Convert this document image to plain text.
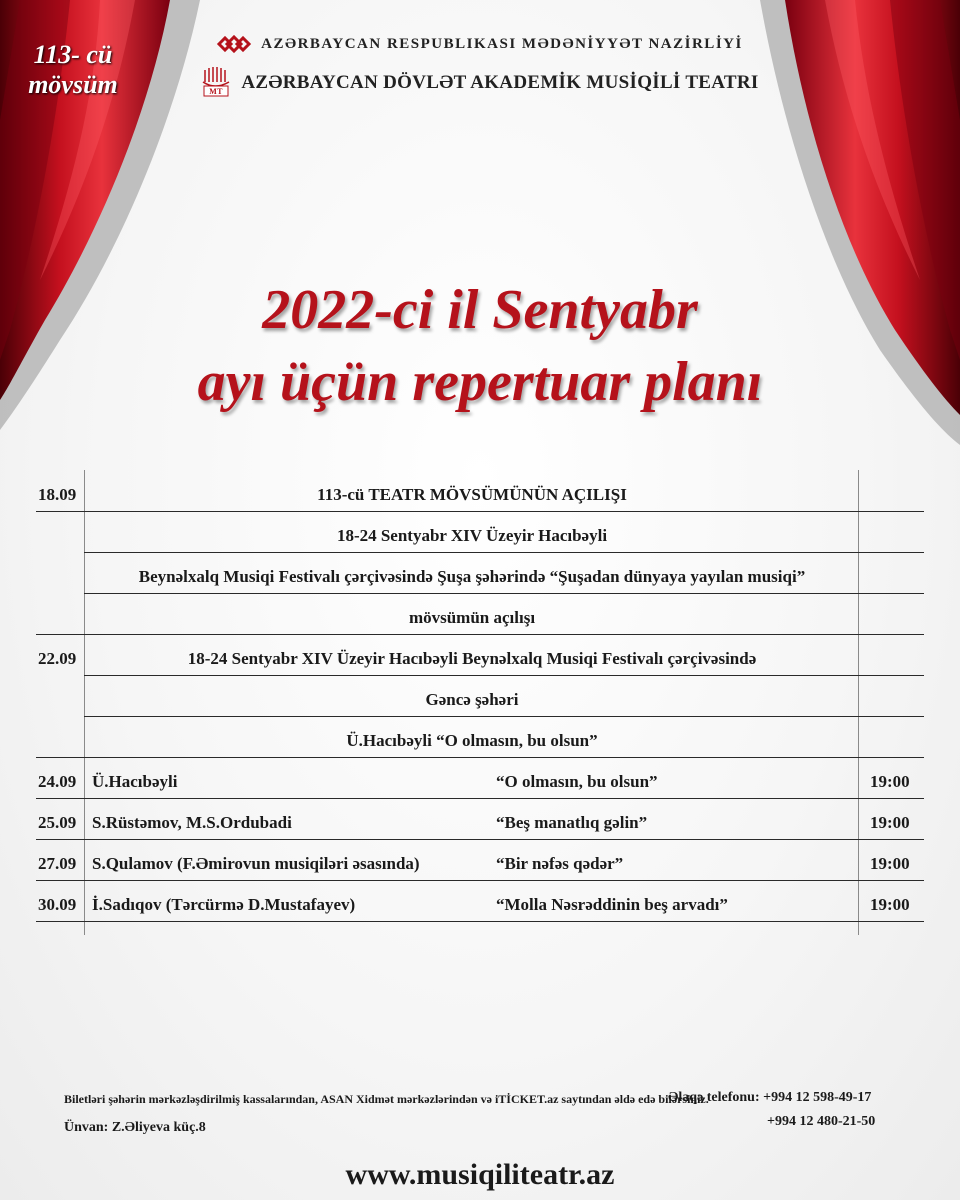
113- cü
mövsüm
AZƏRBAYCAN RESPUBLIKASI MƏDƏNİYYƏT NAZİRLİYİ
MT AZƏRBAYCAN DÖVLƏT AKADEMİK MUSİQİLİ TEATRI
2022-ci il Sentyabr
ayı üçün repertuar planı
18.09	113-cü TEATR MÖVSÜMÜNÜN AÇILIŞI
18-24 Sentyabr XIV Üzeyir Hacıbəyli
Beynəlxalq Musiqi Festivalı çərçivəsində Şuşa şəhərində “Şuşadan dünyaya yayılan musiqi”
mövsümün açılışı
22.09	18-24 Sentyabr XIV Üzeyir Hacıbəyli Beynəlxalq Musiqi Festivalı çərçivəsində
Gəncə şəhəri
Ü.Hacıbəyli “O olmasın, bu olsun”
24.09 Ü.Hacıbəyli	“O olmasın, bu olsun”	19:00
25.09 S.Rüstəmov, M.S.Ordubadi	“Beş manatlıq gəlin”	19:00
27.09 S.Qulamov (F.Əmirovun musiqiləri əsasında)	“Bir nəfəs qədər”	19:00
30.09 İ.Sadıqov (Tərcürmə D.Mustafayev)	“Molla Nəsrəddinin beş arvadı”	19:00
Biletləri şəhərin mərkəzləşdirilmiş kassalarından, ASAN Xidmət mərkəzlərindən və iTİCKET.az saytından əldə edə bilərsiniz.
Ünvan: Z.Əliyeva küç.8
Əlaqə telefonu: +994 12 598-49-17
+994 12 480-21-50
www.musiqiliteatr.az
